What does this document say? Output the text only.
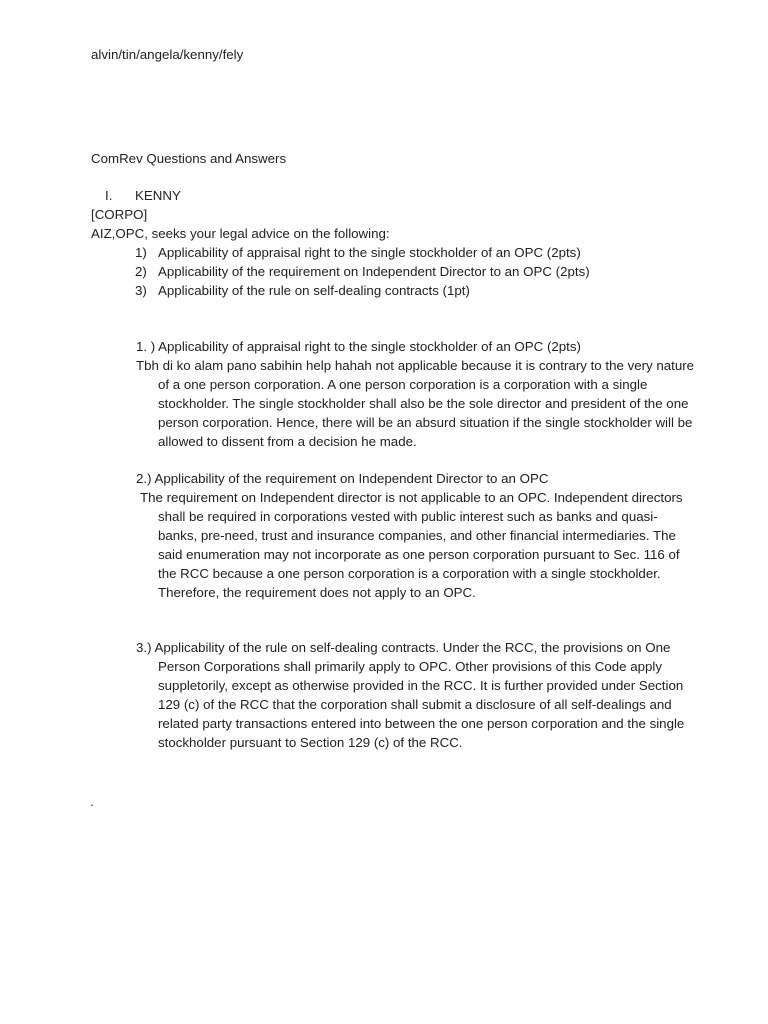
alvin/tin/angela/kenny/fely
ComRev Questions and Answers
I.	KENNY
[CORPO]
AIZ,OPC, seeks your legal advice on the following:
1) Applicability of appraisal right to the single stockholder of an OPC (2pts)
2) Applicability of the requirement on Independent Director to an OPC (2pts)
3) Applicability of the rule on self-dealing contracts (1pt)
1. ) Applicability of appraisal right to the single stockholder of an OPC (2pts)
Tbh di ko alam pano sabihin help hahah not applicable because it is contrary to the very nature of a one person corporation. A one person corporation is a corporation with a single stockholder. The single stockholder shall also be the sole director and president of the one person corporation. Hence, there will be an absurd situation if the single stockholder will be allowed to dissent from a decision he made.
2.) Applicability of the requirement on Independent Director to an OPC
The requirement on Independent director is not applicable to an OPC. Independent directors shall be required in corporations vested with public interest such as banks and quasi-banks, pre-need, trust and insurance companies, and other financial intermediaries. The said enumeration may not incorporate as one person corporation pursuant to Sec. 116 of the RCC because a one person corporation is a corporation with a single stockholder. Therefore, the requirement does not apply to an OPC.
3.) Applicability of the rule on self-dealing contracts. Under the RCC, the provisions on One Person Corporations shall primarily apply to OPC. Other provisions of this Code apply suppletorily, except as otherwise provided in the RCC. It is further provided under Section 129 (c) of the RCC that the corporation shall submit a disclosure of all self-dealings and related party transactions entered into between the one person corporation and the single stockholder pursuant to Section 129 (c) of the RCC.
.
